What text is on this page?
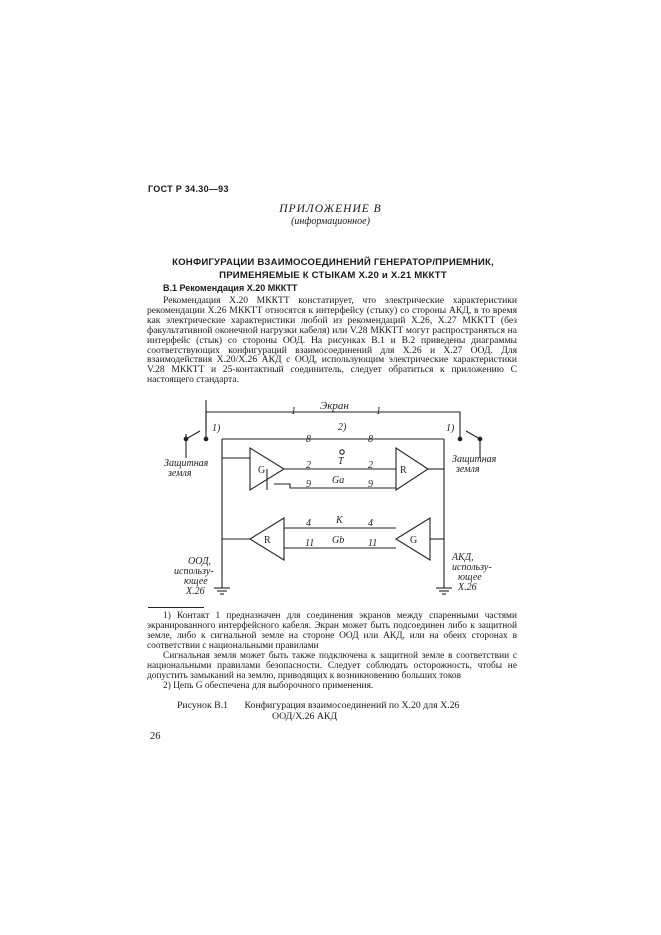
ГОСТ Р 34.30—93
ПРИЛОЖЕНИЕ В
(информационное)
КОНФИГУРАЦИИ ВЗАИМОСОЕДИНЕНИЙ ГЕНЕРАТОР/ПРИЕМНИК,
ПРИМЕНЯЕМЫЕ К СТЫКАМ Х.20 и Х.21 МККТТ
В.1 Рекомендация Х.20 МККТТ

Рекомендация Х.20 МККТТ констатирует, что электрические характеристики рекомендации Х.26 МККТТ относятся к интерфейсу (стыку) со стороны АКД, в то время как электрические характеристики любой из рекомендаций Х.26, Х.27 МККТТ (без факультативной оконечной нагрузки кабеля) или V.28 МККТТ могут распространяться на интерфейс (стык) со стороны ООД. На рисунках В.1 и В.2 приведены диаграммы соответствующих конфигураций взаимосоединений для Х.26 и Х.27 ООД. Для взаимодействия Х.20/Х.26 АКД с ООД, использующим электрические характеристики V.28 МККТТ и 25-контактный соединитель, следует обратиться к приложению С настоящего стандарта.

1	1
Экран
1)	1)
2)
8	8
2	2
9	9
T
Ga
4	4
11	11
K
Gb
G	R
R	G
Защитная
земля
Защитная
земля
ООД,
использу-
ющее
Х.26
АКД,
использу-
ющее
Х.26
1) Контакт 1 предназначен для соединения экранов между спаренными частями экранированного интерфейсного кабеля. Экран может быть подсоединен либо к защитной земле, либо к сигнальной земле на стороне ООД или АКД, или на обеих сторонах в соответствии с национальными правилами
Сигнальная земля может быть также подключена к защитной земле в соответствии с национальными правилами безопасности. Следует соблюдать осторожность, чтобы не допустить замыканий на землю, приводящих к возникновению больших токов
2) Цепь G обеспечена для выборочного применения.
Рисунок В.1 Конфигурация взаимосоединений по Х.20 для Х.26
ООД/Х.26 АКД
26
